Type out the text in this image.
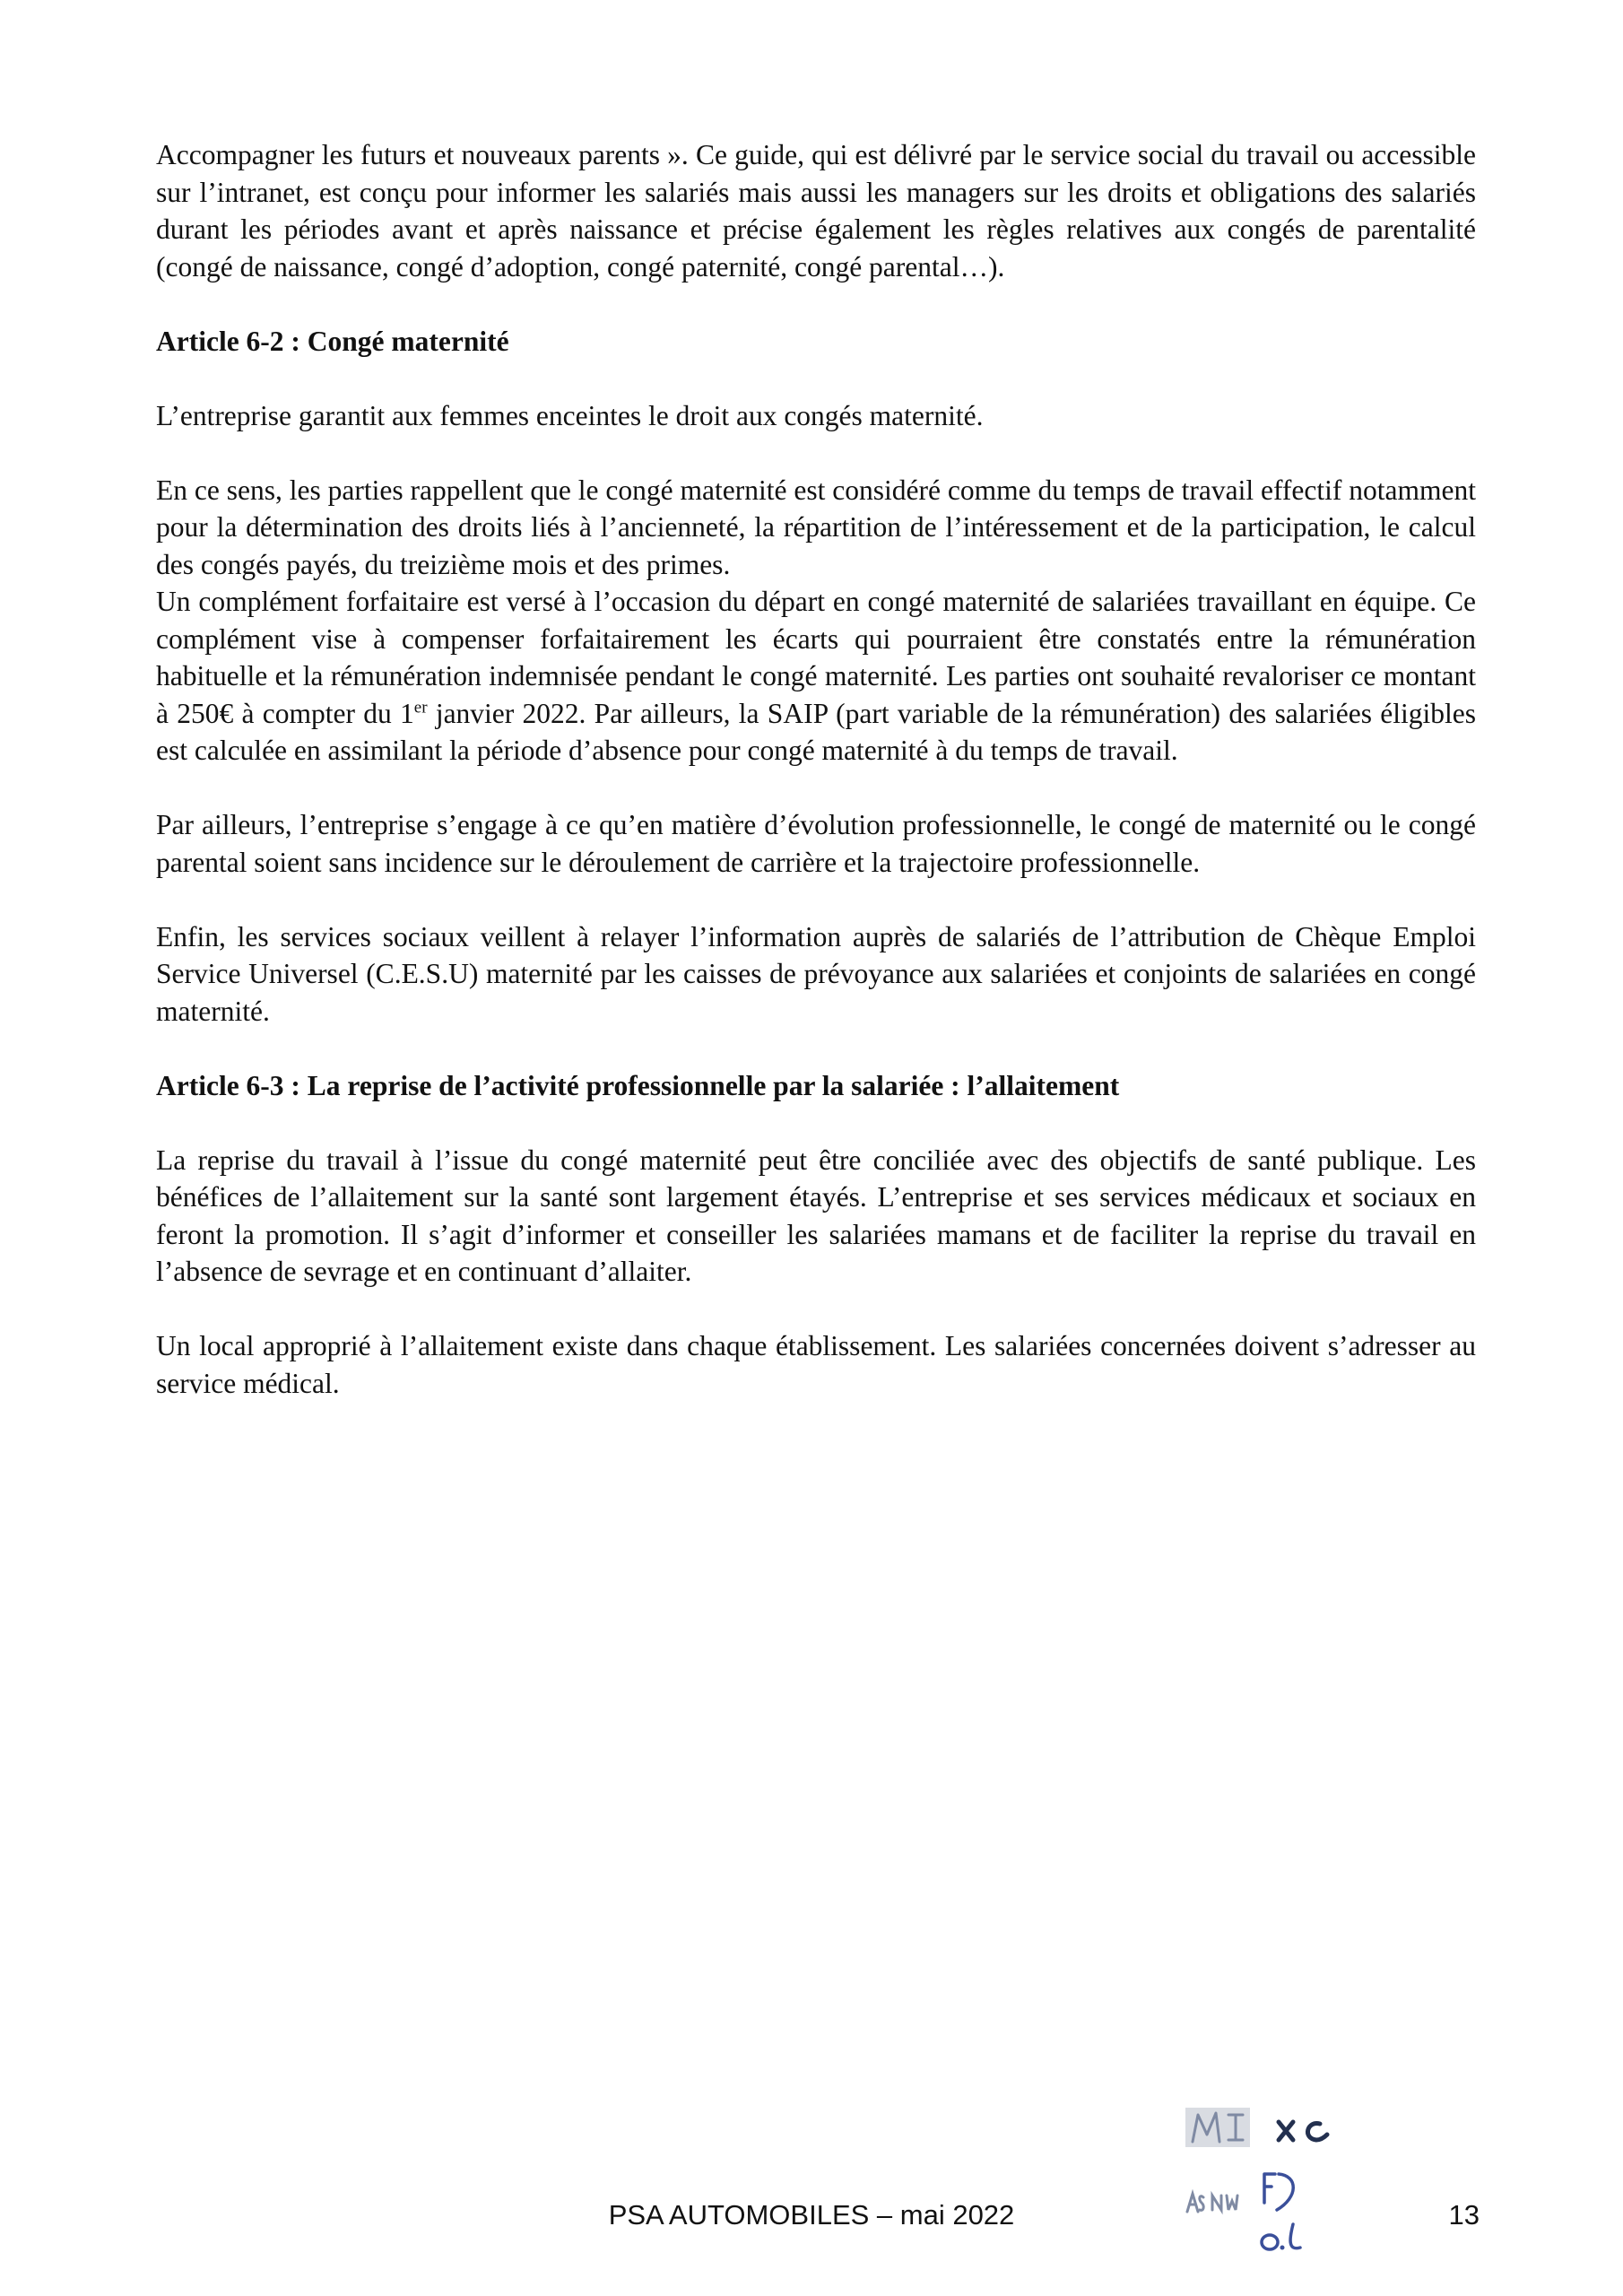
Accompagner les futurs et nouveaux parents ». Ce guide, qui est délivré par le service social du travail ou accessible sur l’intranet, est conçu pour informer les salariés mais aussi les managers sur les droits et obligations des salariés durant les périodes avant et après naissance et précise également les règles relatives aux congés de parentalité (congé de naissance, congé d’adoption, congé paternité, congé parental…).

Article 6-2 : Congé maternité

L’entreprise garantit aux femmes enceintes le droit aux congés maternité.

En ce sens, les parties rappellent que le congé maternité est considéré comme du temps de travail effectif notamment pour la détermination des droits liés à l’ancienneté, la répartition de l’intéressement et de la participation, le calcul des congés payés, du treizième mois et des primes.

Un complément forfaitaire est versé à l’occasion du départ en congé maternité de salariées travaillant en équipe. Ce complément vise à compenser forfaitairement les écarts qui pourraient être constatés entre la rémunération habituelle et la rémunération indemnisée pendant le congé maternité. Les parties ont souhaité revaloriser ce montant à 250€ à compter du 1er janvier 2022. Par ailleurs, la SAIP (part variable de la rémunération) des salariées éligibles est calculée en assimilant la période d’absence pour congé maternité à du temps de travail.

Par ailleurs, l’entreprise s’engage à ce qu’en matière d’évolution professionnelle, le congé de maternité ou le congé parental soient sans incidence sur le déroulement de carrière et la trajectoire professionnelle.

Enfin, les services sociaux veillent à relayer l’information auprès de salariés de l’attribution de Chèque Emploi Service Universel (C.E.S.U) maternité par les caisses de prévoyance aux salariées et conjoints de salariées en congé maternité.

Article 6-3 : La reprise de l’activité professionnelle par la salariée : l’allaitement

La reprise du travail à l’issue du congé maternité peut être conciliée avec des objectifs de santé publique. Les bénéfices de l’allaitement sur la santé sont largement étayés. L’entreprise et ses services médicaux et sociaux en feront la promotion. Il s’agit d’informer et conseiller les salariées mamans et de faciliter la reprise du travail en l’absence de sevrage et en continuant d’allaiter.

Un local approprié à l’allaitement existe dans chaque établissement. Les salariées concernées doivent s’adresser au service médical.

PSA AUTOMOBILES – mai 2022	13
